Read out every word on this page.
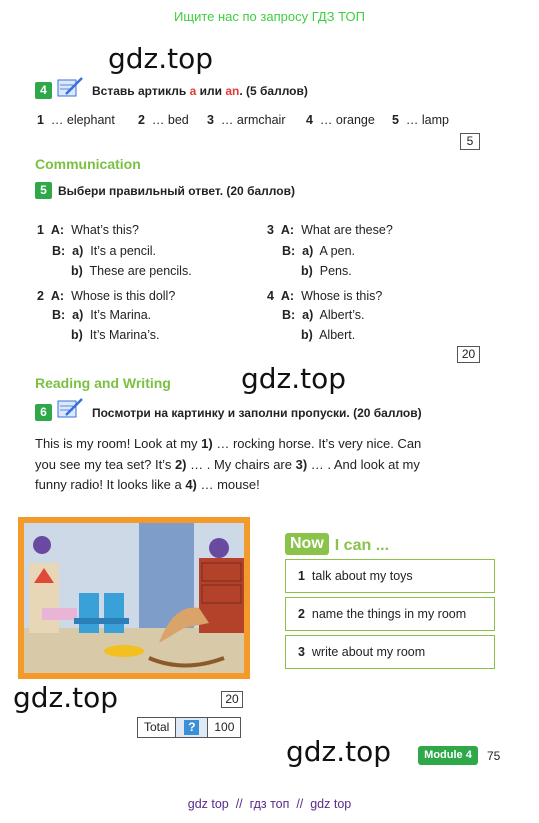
Ищите нас по запросу ГДЗ ТОП
gdz.top
4	Вставь артикль a или an. (5 баллов)
1 … elephant 2 … bed 3 … armchair 4 … orange 5 … lamp
5
Communication
5 Выбери правильный ответ. (20 баллов)
1 A: What’s this?
B: a) It’s a pencil.
b) These are pencils.
2 A: Whose is this doll?
B: a) It’s Marina.
b) It’s Marina’s.
3 A: What are these?
B: a) A pen.
b) Pens.
4 A: Whose is this?
B: a) Albert’s.
b) Albert.
20
Reading and Writing	gdz.top
6	Посмотри на картинку и заполни пропуски. (20 баллов)
This is my room! Look at my 1) … rocking horse. It’s very nice. Can
you see my tea set? It’s 2) … . My chairs are 3) … . And look at my
funny radio! It looks like a 4) … mouse!
Now I can ...
1 talk about my toys
2 name the things in my room
3 write about my room
gdz.top	20
Total	?	100
gdz.top	Module 4	75
gdz top  //  гдз топ  //  gdz top
